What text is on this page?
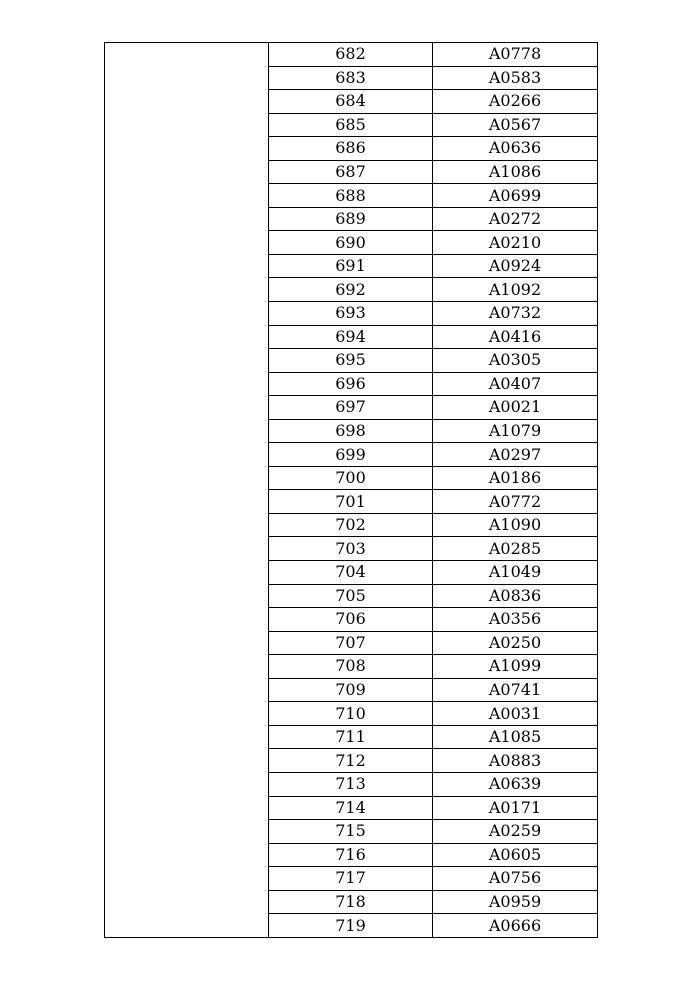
	682	A0778
	683	A0583
	684	A0266
	685	A0567
	686	A0636
	687	A1086
	688	A0699
	689	A0272
	690	A0210
	691	A0924
	692	A1092
	693	A0732
	694	A0416
	695	A0305
	696	A0407
	697	A0021
	698	A1079
	699	A0297
	700	A0186
	701	A0772
	702	A1090
	703	A0285
	704	A1049
	705	A0836
	706	A0356
	707	A0250
	708	A1099
	709	A0741
	710	A0031
	711	A1085
	712	A0883
	713	A0639
	714	A0171
	715	A0259
	716	A0605
	717	A0756
	718	A0959
	719	A0666
